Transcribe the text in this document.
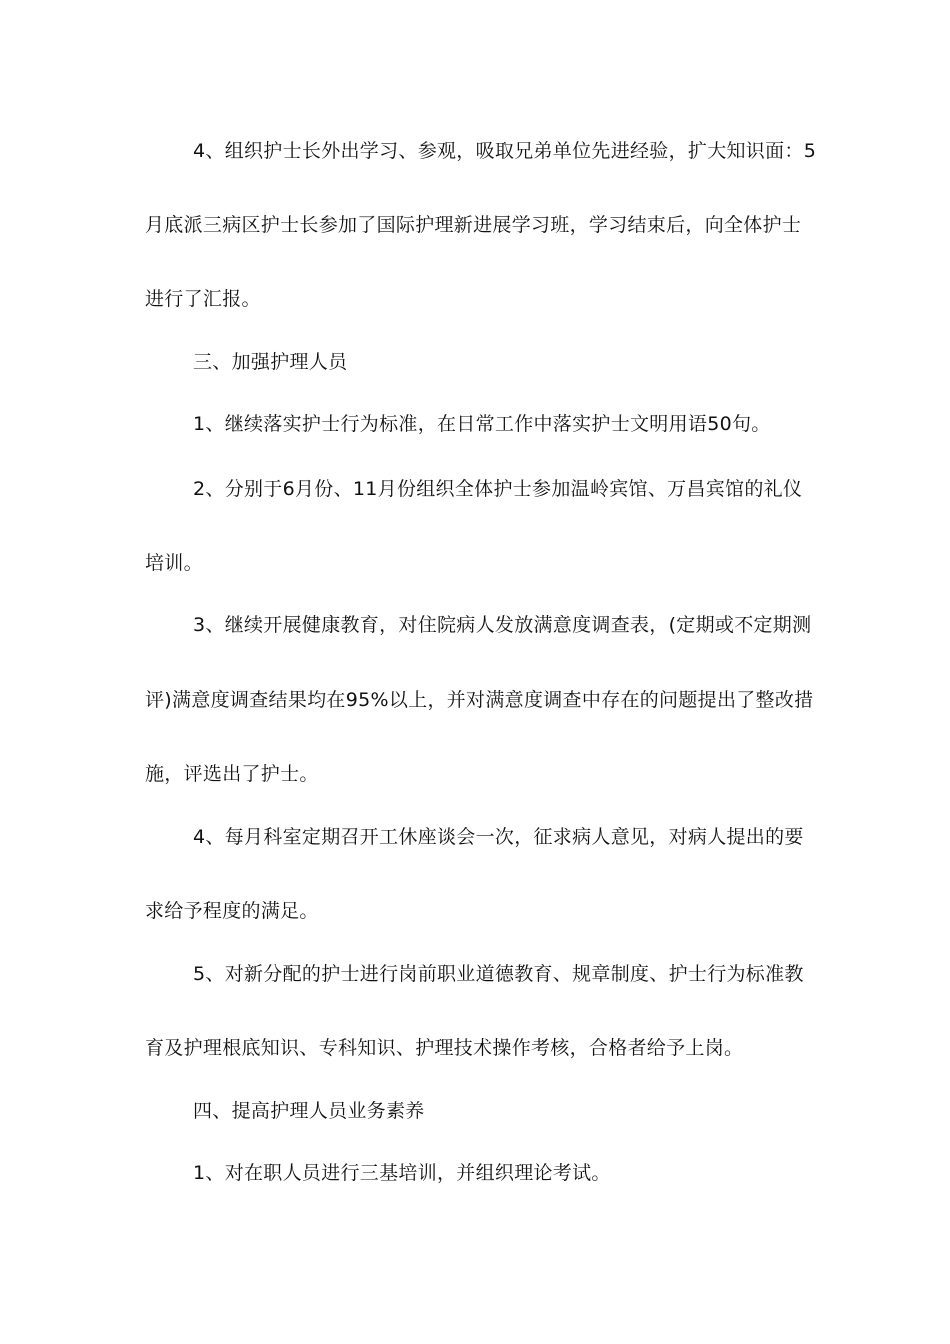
4、组织护士长外出学习、参观，吸取兄弟单位先进经验，扩大知识面：5
月底派三病区护士长参加了国际护理新进展学习班，学习结束后，向全体护士
进行了汇报。
三、加强护理人员
1、继续落实护士行为标准，在日常工作中落实护士文明用语50句。
2、分别于6月份、11月份组织全体护士参加温岭宾馆、万昌宾馆的礼仪
培训。
3、继续开展健康教育，对住院病人发放满意度调查表，(定期或不定期测
评)满意度调查结果均在95%以上，并对满意度调查中存在的问题提出了整改措
施，评选出了护士。
4、每月科室定期召开工休座谈会一次，征求病人意见，对病人提出的要
求给予程度的满足。
5、对新分配的护士进行岗前职业道德教育、规章制度、护士行为标准教
育及护理根底知识、专科知识、护理技术操作考核，合格者给予上岗。
四、提高护理人员业务素养
1、对在职人员进行三基培训，并组织理论考试。
